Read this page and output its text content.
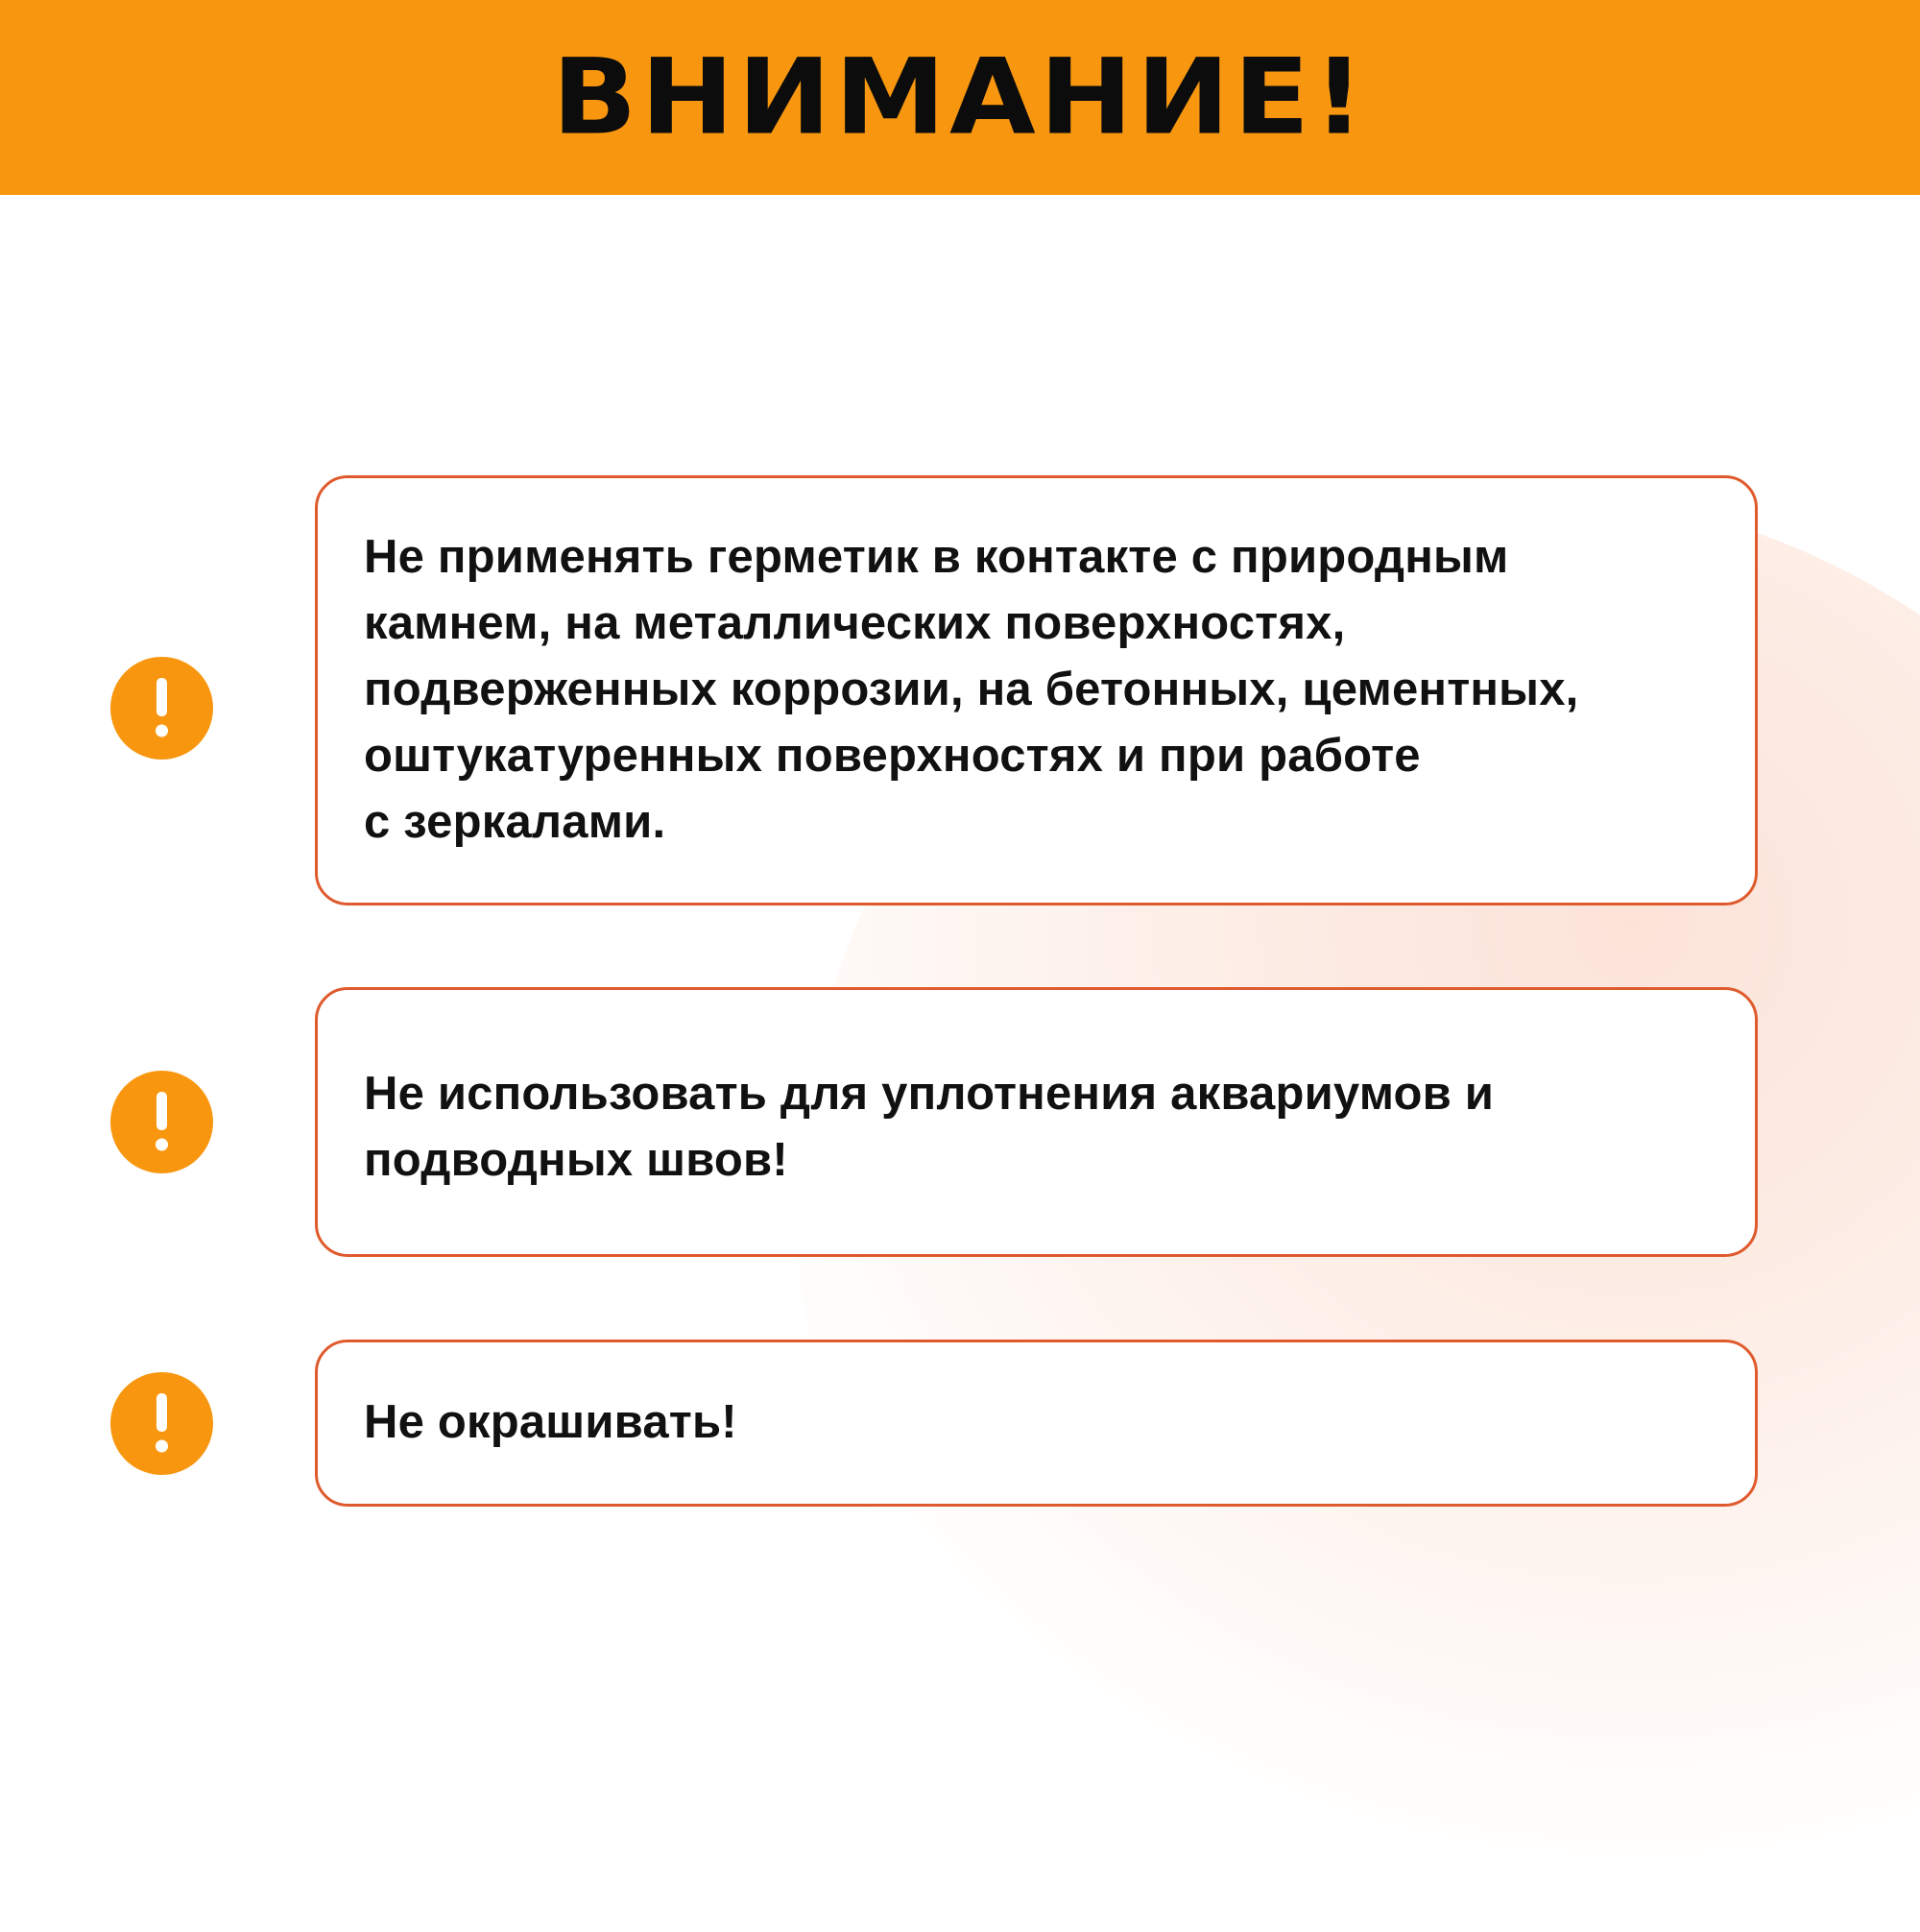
ВНИМАНИЕ!

Не применять герметик в контакте с природным
камнем, на металлических поверхностях,
подверженных коррозии, на бетонных, цементных,
оштукатуренных поверхностях и при работе
с зеркалами.

Не использовать для уплотнения аквариумов и
подводных швов!

Не окрашивать!
